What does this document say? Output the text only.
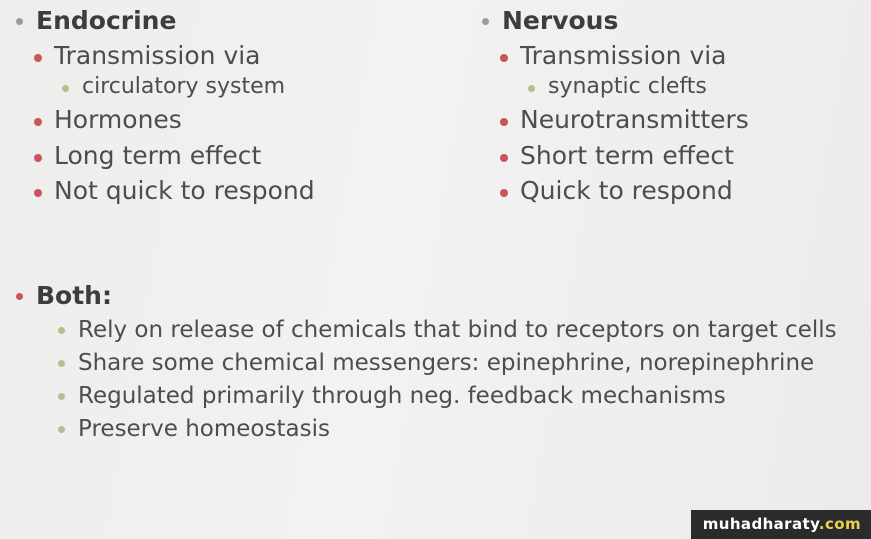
Endocrine
Transmission via
circulatory system
Hormones
Long term effect
Not quick to respond
Nervous
Transmission via
synaptic clefts
Neurotransmitters
Short term effect
Quick to respond
Both:
Rely on release of chemicals that bind to receptors on target cells
Share some chemical messengers: epinephrine, norepinephrine
Regulated primarily through neg. feedback mechanisms
Preserve homeostasis
muhadharaty.com
